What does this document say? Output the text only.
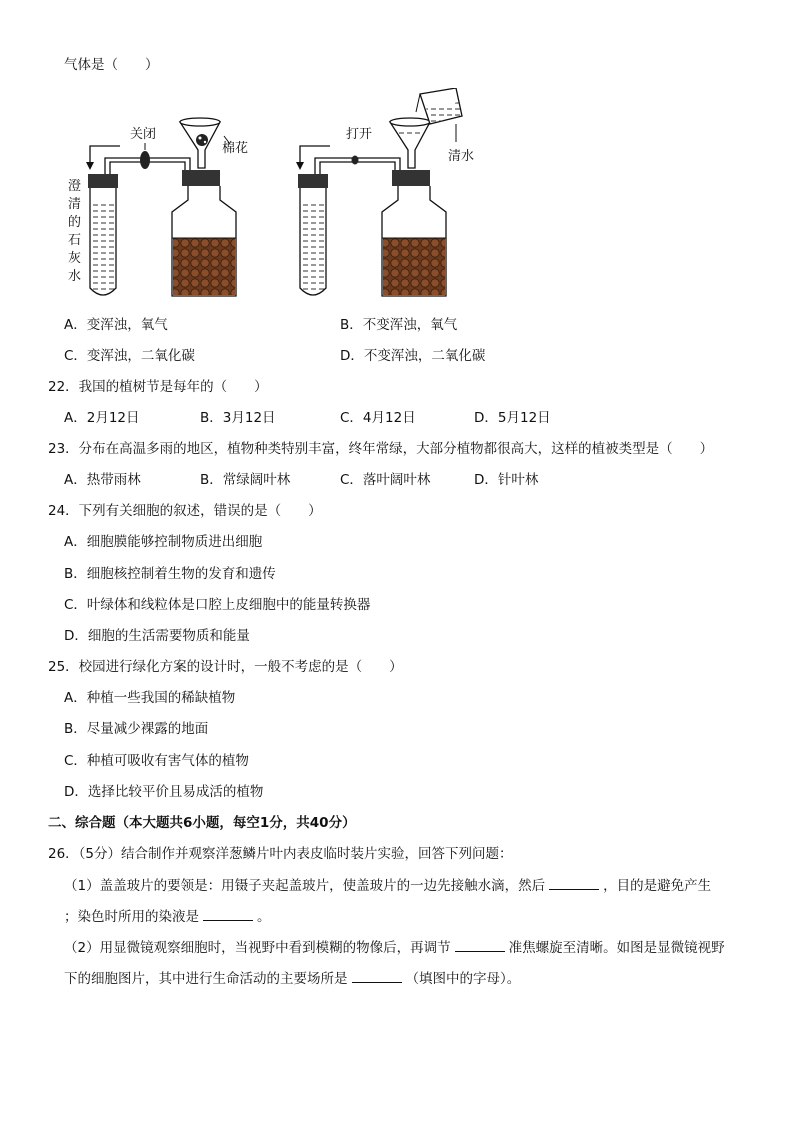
气体是（　　）
关闭
棉花
澄
清
的
石
灰
水
打开
清水
A．变浑浊，氧气	B．不变浑浊，氧气
C．变浑浊，二氧化碳	D．不变浑浊，二氧化碳
22．我国的植树节是每年的（　　）
A．2月12日	B．3月12日	C．4月12日	D．5月12日
23．分布在高温多雨的地区，植物种类特别丰富，终年常绿，大部分植物都很高大，这样的植被类型是（　　）
A．热带雨林	B．常绿阔叶林	C．落叶阔叶林	D．针叶林
24．下列有关细胞的叙述，错误的是（　　）
A．细胞膜能够控制物质进出细胞
B．细胞核控制着生物的发育和遗传
C．叶绿体和线粒体是口腔上皮细胞中的能量转换器
D．细胞的生活需要物质和能量
25．校园进行绿化方案的设计时，一般不考虑的是（　　）
A．种植一些我国的稀缺植物
B．尽量减少裸露的地面
C．种植可吸收有害气体的植物
D．选择比较平价且易成活的植物
二、综合题（本大题共6小题，每空1分，共40分）
26．（5分）结合制作并观察洋葱鳞片叶内表皮临时装片实验，回答下列问题：
（1）盖盖玻片的要领是：用镊子夹起盖玻片，使盖玻片的一边先接触水滴，然后	，目的是避免产生
；染色时所用的染液是	。
（2）用显微镜观察细胞时，当视野中看到模糊的物像后，再调节	准焦螺旋至清晰。如图是显微镜视野
下的细胞图片，其中进行生命活动的主要场所是	（填图中的字母）。
